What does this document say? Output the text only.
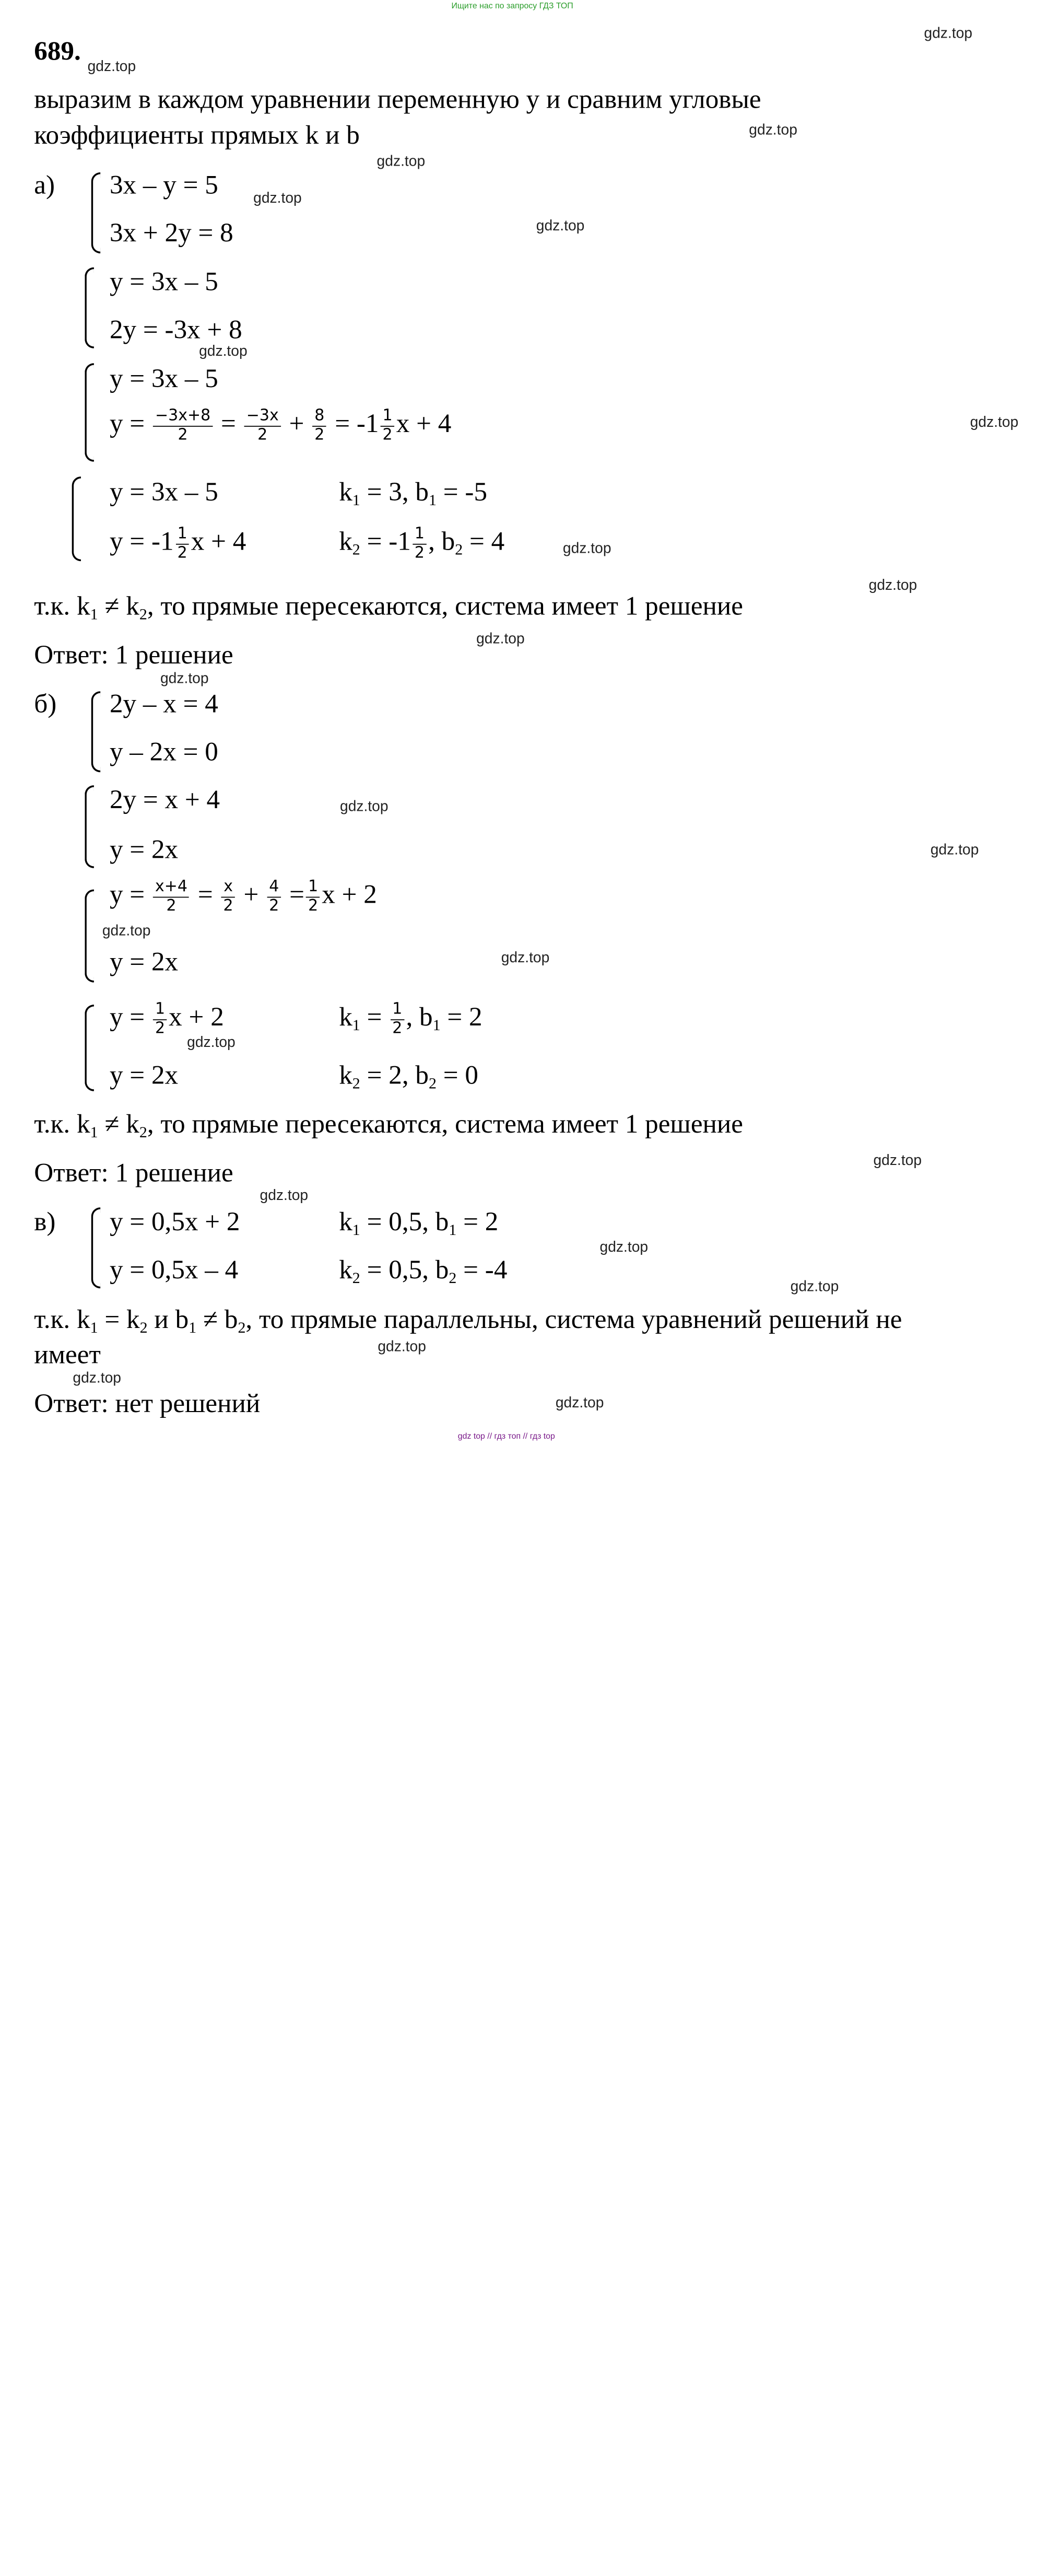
Ищите нас по запросу ГДЗ ТОП
gdz.top
gdz.top
gdz.top
gdz.top
gdz.top
gdz.top
gdz.top
gdz.top
gdz.top
gdz.top
gdz.top
gdz.top
gdz.top
gdz.top
gdz.top
gdz.top
gdz.top
gdz.top
gdz.top
gdz.top
gdz.top
gdz.top
gdz.top
gdz.top
689.
выразим в каждом уравнении переменную y и сравним угловые
коэффициенты прямых k и b
а)	3x – y = 5
3x + 2y = 8
y = 3x – 5
2y = -3x + 8
y = 3x – 5
$y = \frac{-3x+8}{2} = \frac{-3x}{2} + \frac{8}{2} = -1 \frac{1}{2}$ x + 4
y = 3x – 5	$k_1 = 3$, $b_1 = -5$
$y = -1 \frac{1}{2}$ x + 4	$k_2 = -1 \frac{1}{2}$ , $b_2 = 4$
т.к. $k_1 \ne k_2$, то прямые пересекаются, система имеет 1 решение
Ответ: 1 решение
б)	2y – x = 4
y – 2x = 0
2y = x + 4
y = 2x
$y = \frac{x+4}{2} = \frac{x}{2} + \frac{4}{2} = \frac{1}{2}$ x + 2
y = 2x
$y = \frac{1}{2}$ x + 2	$k_1 = \frac{1}{2}$ , $b_1 = 2$
y = 2x	$k_2 = 2$, $b_2 = 0$
т.к. $k_1 \ne k_2$, то прямые пересекаются, система имеет 1 решение
Ответ: 1 решение
в)	y = 0,5x + 2	$k_1 = 0,5$, $b_1 = 2$
y = 0,5x – 4	$k_2 = 0,5$, $b_2 = -4$
т.к. $k_1 = k_2$ и $b_1 \ne b_2$, то прямые параллельны, система уравнений решений не
имеет
Ответ: нет решений
gdz top // гдз топ // гдз top
